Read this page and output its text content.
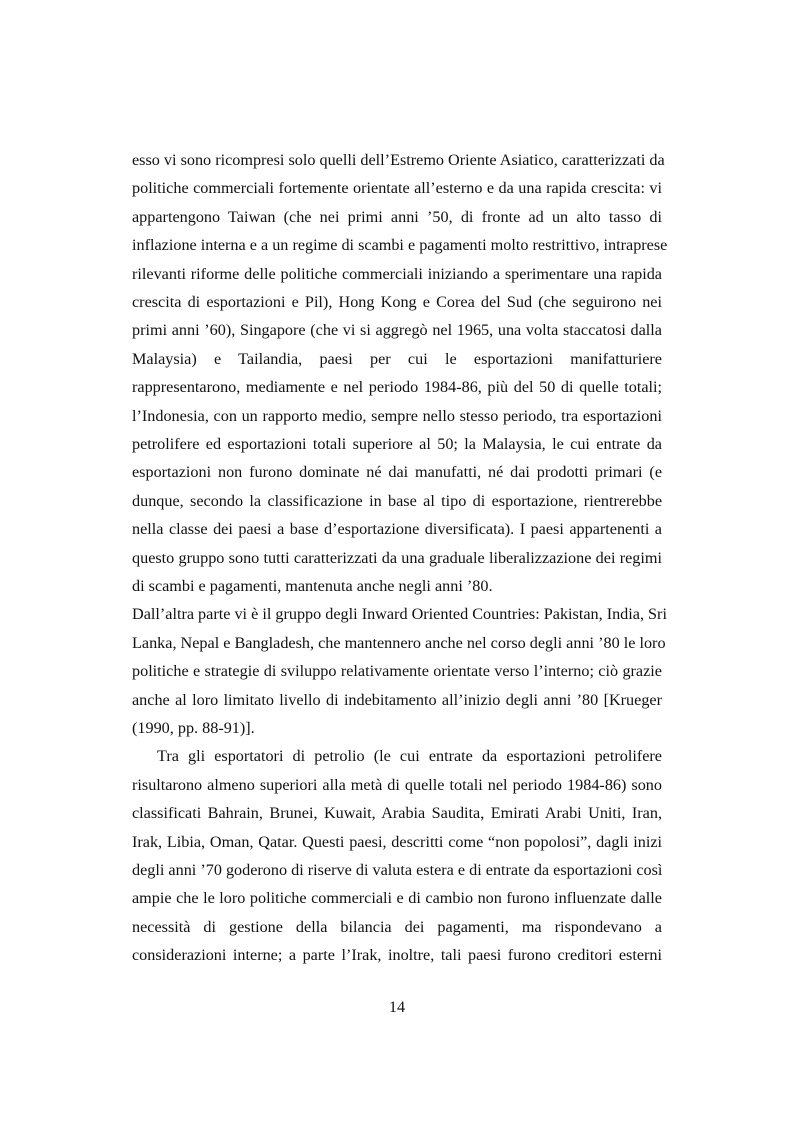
esso vi sono ricompresi solo quelli dell’Estremo Oriente Asiatico, caratterizzati da
politiche commerciali fortemente orientate all’esterno e da una rapida crescita: vi
appartengono Taiwan (che nei primi anni ’50, di fronte ad un alto tasso di
inflazione interna e a un regime di scambi e pagamenti molto restrittivo, intraprese
rilevanti riforme delle politiche commerciali iniziando a sperimentare una rapida
crescita di esportazioni e Pil), Hong Kong e Corea del Sud (che seguirono nei
primi anni ’60), Singapore (che vi si aggregò nel 1965, una volta staccatosi dalla
Malaysia) e Tailandia, paesi per cui le esportazioni manifatturiere
rappresentarono, mediamente e nel periodo 1984-86, più del 50 di quelle totali;
l’Indonesia, con un rapporto medio, sempre nello stesso periodo, tra esportazioni
petrolifere ed esportazioni totali superiore al 50; la Malaysia, le cui entrate da
esportazioni non furono dominate né dai manufatti, né dai prodotti primari (e
dunque, secondo la classificazione in base al tipo di esportazione, rientrerebbe
nella classe dei paesi a base d’esportazione diversificata). I paesi appartenenti a
questo gruppo sono tutti caratterizzati da una graduale liberalizzazione dei regimi
di scambi e pagamenti, mantenuta anche negli anni ’80.
Dall’altra parte vi è il gruppo degli Inward Oriented Countries: Pakistan, India, Sri
Lanka, Nepal e Bangladesh, che mantennero anche nel corso degli anni ’80 le loro
politiche e strategie di sviluppo relativamente orientate verso l’interno; ciò grazie
anche al loro limitato livello di indebitamento all’inizio degli anni ’80 [Krueger
(1990, pp. 88-91)].
Tra gli esportatori di petrolio (le cui entrate da esportazioni petrolifere
risultarono almeno superiori alla metà di quelle totali nel periodo 1984-86) sono
classificati Bahrain, Brunei, Kuwait, Arabia Saudita, Emirati Arabi Uniti, Iran,
Irak, Libia, Oman, Qatar. Questi paesi, descritti come “non popolosi”, dagli inizi
degli anni ’70 goderono di riserve di valuta estera e di entrate da esportazioni così
ampie che le loro politiche commerciali e di cambio non furono influenzate dalle
necessità di gestione della bilancia dei pagamenti, ma rispondevano a
considerazioni interne; a parte l’Irak, inoltre, tali paesi furono creditori esterni
14
